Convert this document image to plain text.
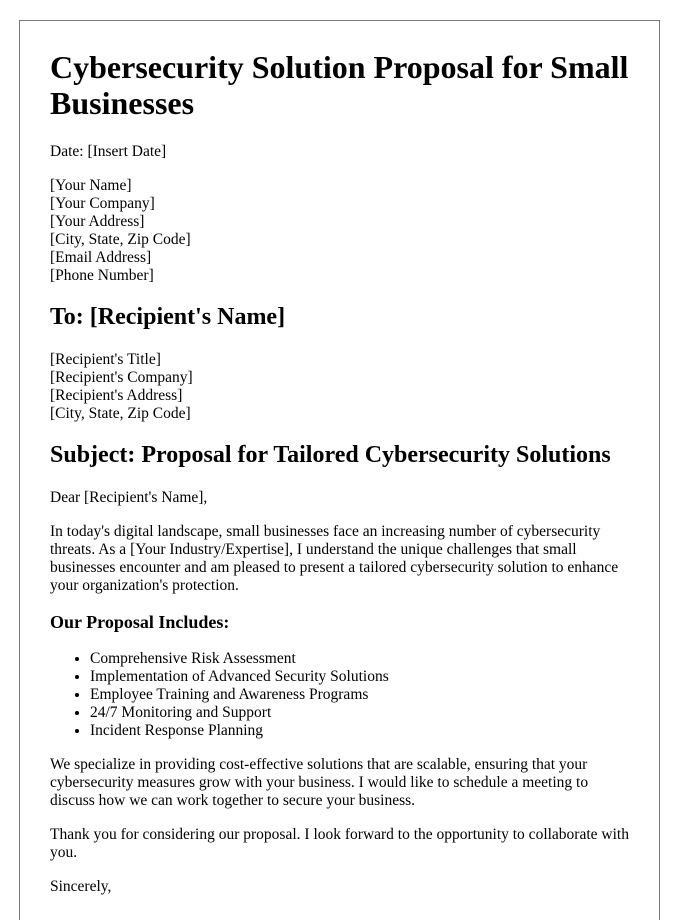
Cybersecurity Solution Proposal for Small Businesses

Date: [Insert Date]

[Your Name]
[Your Company]
[Your Address]
[City, State, Zip Code]
[Email Address]
[Phone Number]
To: [Recipient's Name]
[Recipient's Title]
[Recipient's Company]
[Recipient's Address]
[City, State, Zip Code]
Subject: Proposal for Tailored Cybersecurity Solutions

Dear [Recipient's Name],

In today's digital landscape, small businesses face an increasing number of cybersecurity threats. As a [Your Industry/Expertise], I understand the unique challenges that small businesses encounter and am pleased to present a tailored cybersecurity solution to enhance your organization's protection.

Our Proposal Includes:
• Comprehensive Risk Assessment
• Implementation of Advanced Security Solutions
• Employee Training and Awareness Programs
• 24/7 Monitoring and Support
• Incident Response Planning

We specialize in providing cost-effective solutions that are scalable, ensuring that your cybersecurity measures grow with your business. I would like to schedule a meeting to discuss how we can work together to secure your business.

Thank you for considering our proposal. I look forward to the opportunity to collaborate with you.

Sincerely,
